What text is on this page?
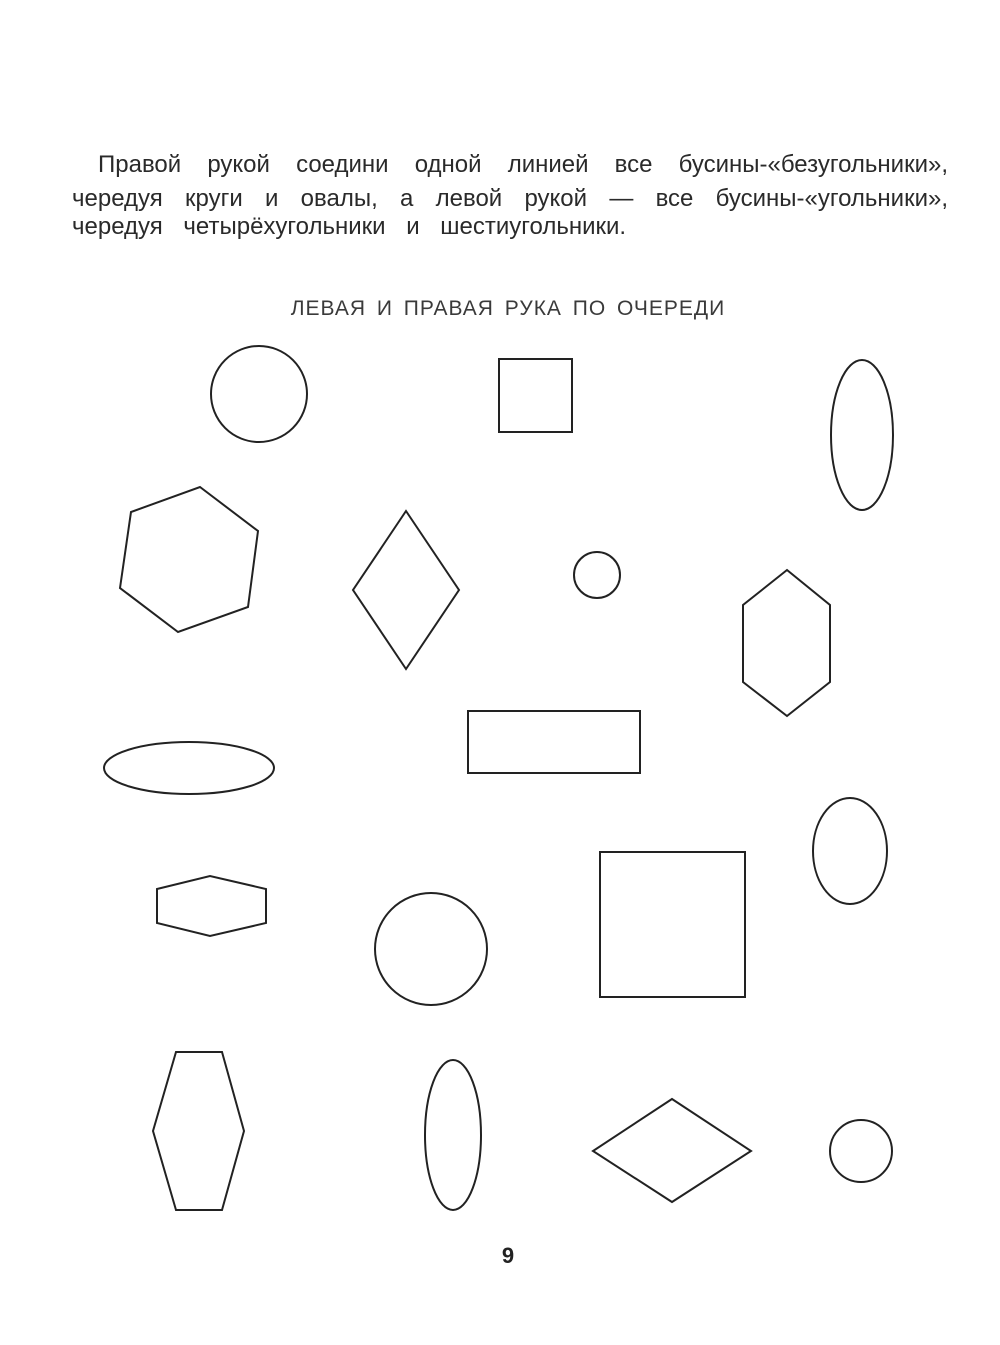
Правой рукой соедини одной линией все бусины-«безугольники»,
чередуя круги и овалы, а левой рукой — все бусины-«угольники»,
чередуя четырёхугольники и шестиугольники.
ЛЕВАЯ И ПРАВАЯ РУКА ПО ОЧЕРЕДИ
9
